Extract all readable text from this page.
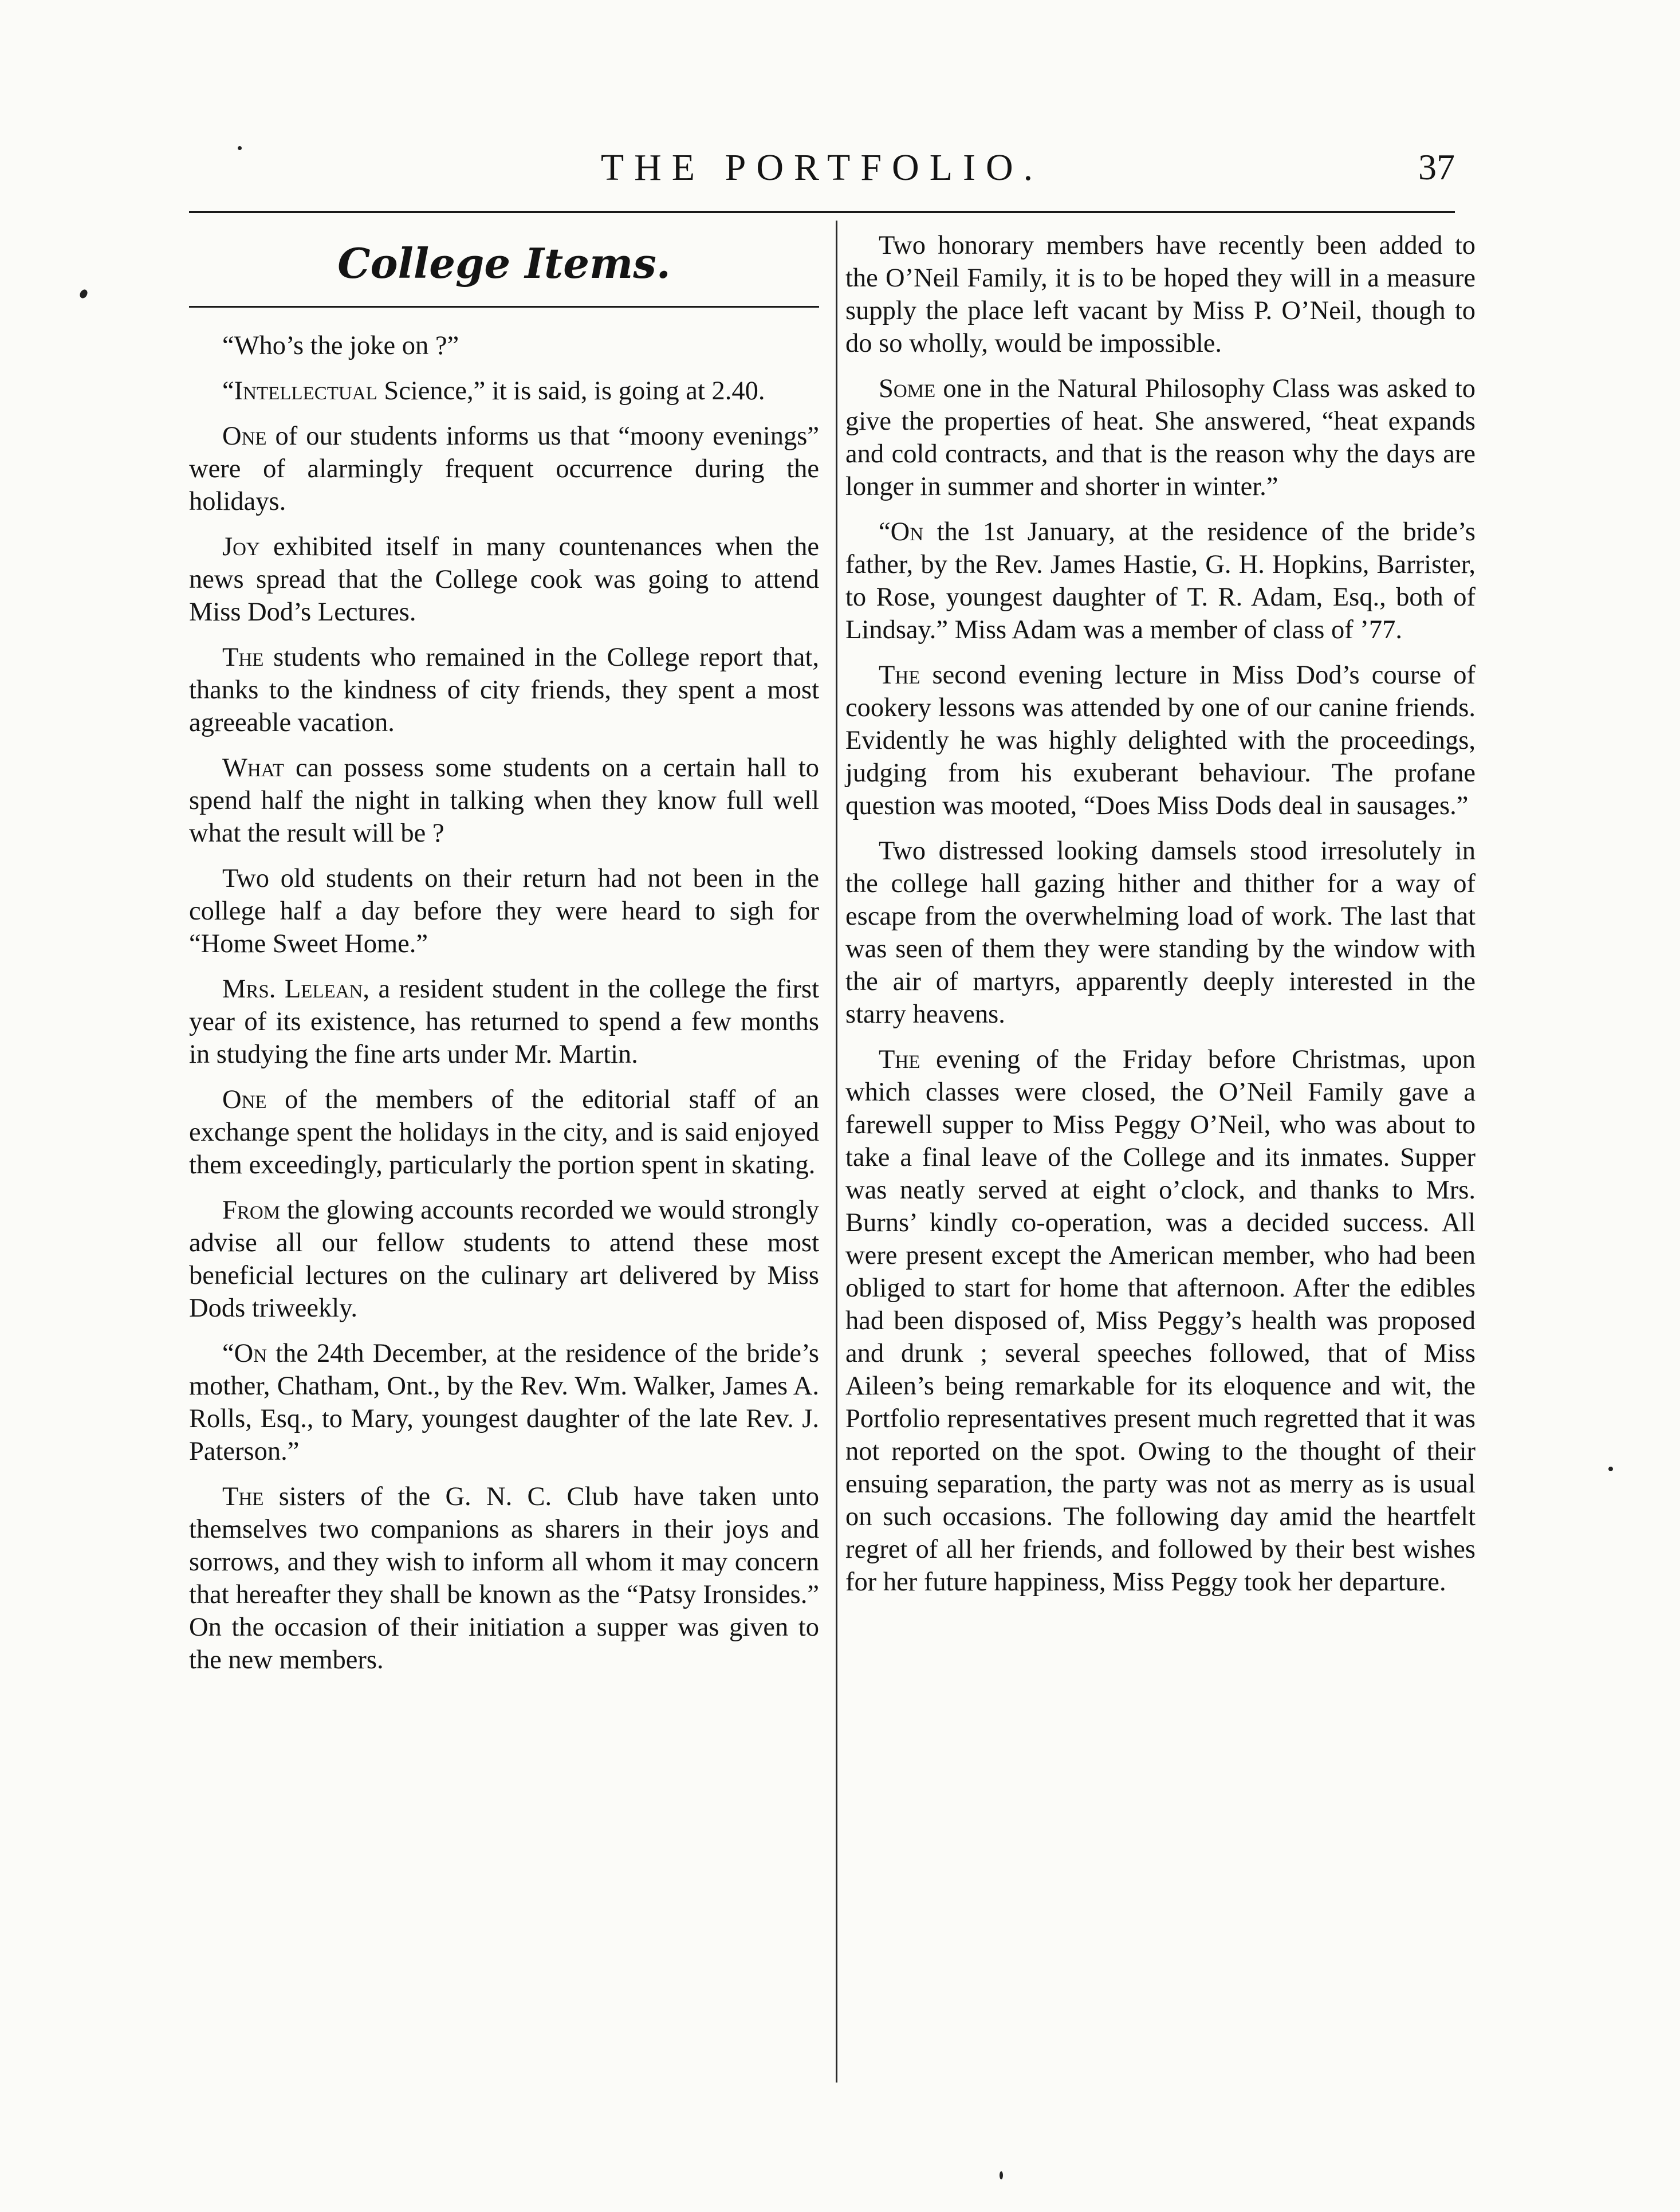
THE PORTFOLIO.	37
College Items.

“Who’s the joke on ?”

“Intellectual Science,” it is said, is going at 2.40.

One of our students informs us that “moony evenings” were of alarmingly frequent occurrence during the holidays.

Joy exhibited itself in many countenances when the news spread that the College cook was going to attend Miss Dod’s Lectures.

The students who remained in the College report that, thanks to the kindness of city friends, they spent a most agreeable vacation.

What can possess some students on a certain hall to spend half the night in talking when they know full well what the result will be ?

Two old students on their return had not been in the college half a day before they were heard to sigh for “Home Sweet Home.”

Mrs. Lelean, a resident student in the college the first year of its existence, has returned to spend a few months in studying the fine arts under Mr. Martin.

One of the members of the editorial staff of an exchange spent the holidays in the city, and is said enjoyed them exceedingly, particularly the portion spent in skating.

From the glowing accounts recorded we would strongly advise all our fellow students to attend these most beneficial lectures on the culinary art delivered by Miss Dods triweekly.

“On the 24th December, at the residence of the bride’s mother, Chatham, Ont., by the Rev. Wm. Walker, James A. Rolls, Esq., to Mary, youngest daughter of the late Rev. J. Paterson.”

The sisters of the G. N. C. Club have taken unto themselves two companions as sharers in their joys and sorrows, and they wish to inform all whom it may concern that hereafter they shall be known as the “Patsy Ironsides.” On the occasion of their initiation a supper was given to the new members.

Two honorary members have recently been added to the O’Neil Family, it is to be hoped they will in a measure supply the place left vacant by Miss P. O’Neil, though to do so wholly, would be impossible.

Some one in the Natural Philosophy Class was asked to give the properties of heat. She answered, “heat expands and cold contracts, and that is the reason why the days are longer in summer and shorter in winter.”

“On the 1st January, at the residence of the bride’s father, by the Rev. James Hastie, G. H. Hopkins, Barrister, to Rose, youngest daughter of T. R. Adam, Esq., both of Lindsay.” Miss Adam was a member of class of ’77.

The second evening lecture in Miss Dod’s course of cookery lessons was attended by one of our canine friends. Evidently he was highly delighted with the proceedings, judging from his exuberant behaviour. The profane question was mooted, “Does Miss Dods deal in sausages.”

Two distressed looking damsels stood irresolutely in the college hall gazing hither and thither for a way of escape from the overwhelming load of work. The last that was seen of them they were standing by the window with the air of martyrs, apparently deeply interested in the starry heavens.

The evening of the Friday before Christmas, upon which classes were closed, the O’Neil Family gave a farewell supper to Miss Peggy O’Neil, who was about to take a final leave of the College and its inmates. Supper was neatly served at eight o’clock, and thanks to Mrs. Burns’ kindly co-operation, was a decided success. All were present except the American member, who had been obliged to start for home that afternoon. After the edibles had been disposed of, Miss Peggy’s health was proposed and drunk ; several speeches followed, that of Miss Aileen’s being remarkable for its eloquence and wit, the Portfolio representatives present much regretted that it was not reported on the spot. Owing to the thought of their ensuing separation, the party was not as merry as is usual on such occasions. The following day amid the heartfelt regret of all her friends, and followed by their best wishes for her future happiness, Miss Peggy took her departure.
